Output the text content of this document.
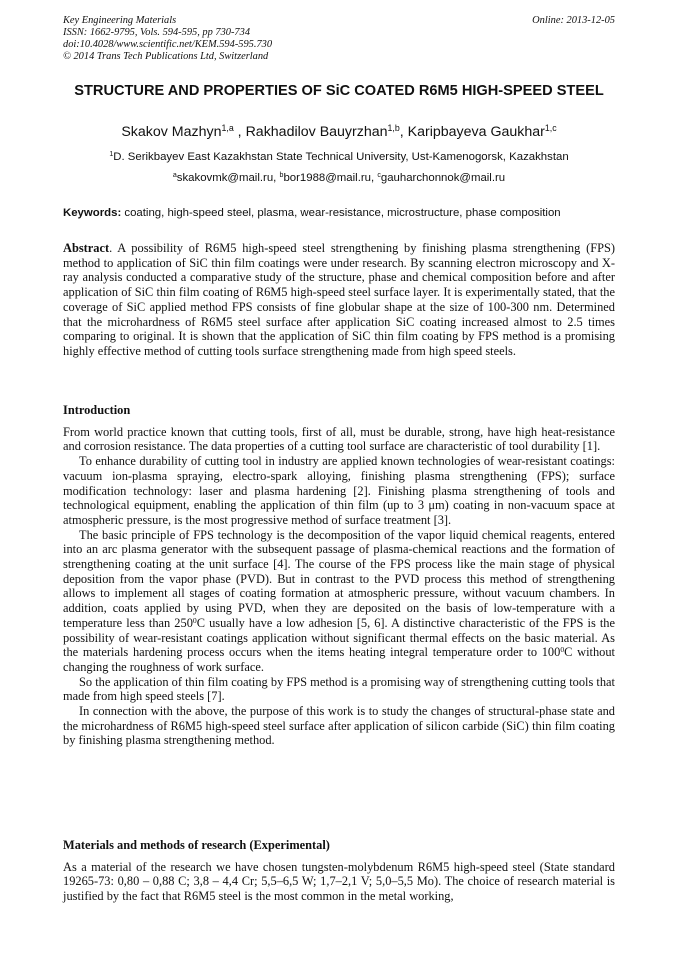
Key Engineering Materials
ISSN: 1662-9795, Vols. 594-595, pp 730-734
doi:10.4028/www.scientific.net/KEM.594-595.730
© 2014 Trans Tech Publications Ltd, Switzerland
Online: 2013-12-05
STRUCTURE AND PROPERTIES OF SiC COATED R6M5 HIGH-SPEED STEEL
Skakov Mazhyn$^{1,a}$ , Rakhadilov Bauyrzhan$^{1,b}$, Karipbayeva Gaukhar$^{1,c}$
$^1$D. Serikbayev East Kazakhstan State Technical University, Ust-Kamenogorsk, Kazakhstan
$^a$skakovmk@mail.ru, $^b$bor1988@mail.ru, $^c$gauharchonnok@mail.ru
Keywords: coating, high-speed steel, plasma, wear-resistance, microstructure, phase composition

Abstract. A possibility of R6M5 high-speed steel strengthening by finishing plasma strengthening (FPS) method to application of SiC thin film coatings were under research. By scanning electron microscopy and X-ray analysis conducted a comparative study of the structure, phase and chemical composition before and after application of SiC thin film coating of R6M5 high-speed steel surface layer. It is experimentally stated, that the coverage of SiC applied method FPS consists of fine globular shape at the size of 100-300 nm. Determined that the microhardness of R6M5 steel surface after application SiC coating increased almost to 2.5 times comparing to original. It is shown that the application of SiC thin film coating by FPS method is a promising highly effective method of cutting tools surface strengthening made from high speed steels.

Introduction

From world practice known that cutting tools, first of all, must be durable, strong, have high heat-resistance and corrosion resistance. The data properties of a cutting tool surface are characteristic of tool durability [1].

To enhance durability of cutting tool in industry are applied known technologies of wear-resistant coatings: vacuum ion-plasma spraying, electro-spark alloying, finishing plasma strengthening (FPS); surface modification technology: laser and plasma hardening [2]. Finishing plasma strengthening of tools and technological equipment, enabling the application of thin film (up to 3 μm) coating in non-vacuum space at atmospheric pressure, is the most progressive method of surface treatment [3].

The basic principle of FPS technology is the decomposition of the vapor liquid chemical reagents, entered into an arc plasma generator with the subsequent passage of plasma-chemical reactions and the formation of strengthening coating at the unit surface [4]. The course of the FPS process like the main stage of physical deposition from the vapor phase (PVD). But in contrast to the PVD process this method of strengthening allows to implement all stages of coating formation at atmospheric pressure, without vacuum chambers. In addition, coats applied by using PVD, when they are deposited on the basis of low-temperature with a temperature less than $250^0C$ usually have a low adhesion [5, 6]. A distinctive characteristic of the FPS is the possibility of wear-resistant coatings application without significant thermal effects on the basic material. As the materials hardening process occurs when the items heating integral temperature order to $100^0C$ without changing the roughness of work surface.

So the application of thin film coating by FPS method is a promising way of strengthening cutting tools that made from high speed steels [7].

In connection with the above, the purpose of this work is to study the changes of structural-phase state and the microhardness of R6M5 high-speed steel surface after application of silicon carbide (SiC) thin film coating by finishing plasma strengthening method.

Materials and methods of research (Experimental)

As a material of the research we have chosen tungsten-molybdenum R6M5 high-speed steel (State standard 19265-73: 0,80 – 0,88 C; 3,8 – 4,4 Cr; 5,5–6,5 W; 1,7–2,1 V; 5,0–5,5 Mo). The choice of research material is justified by the fact that R6M5 steel is the most common in the metal working,
